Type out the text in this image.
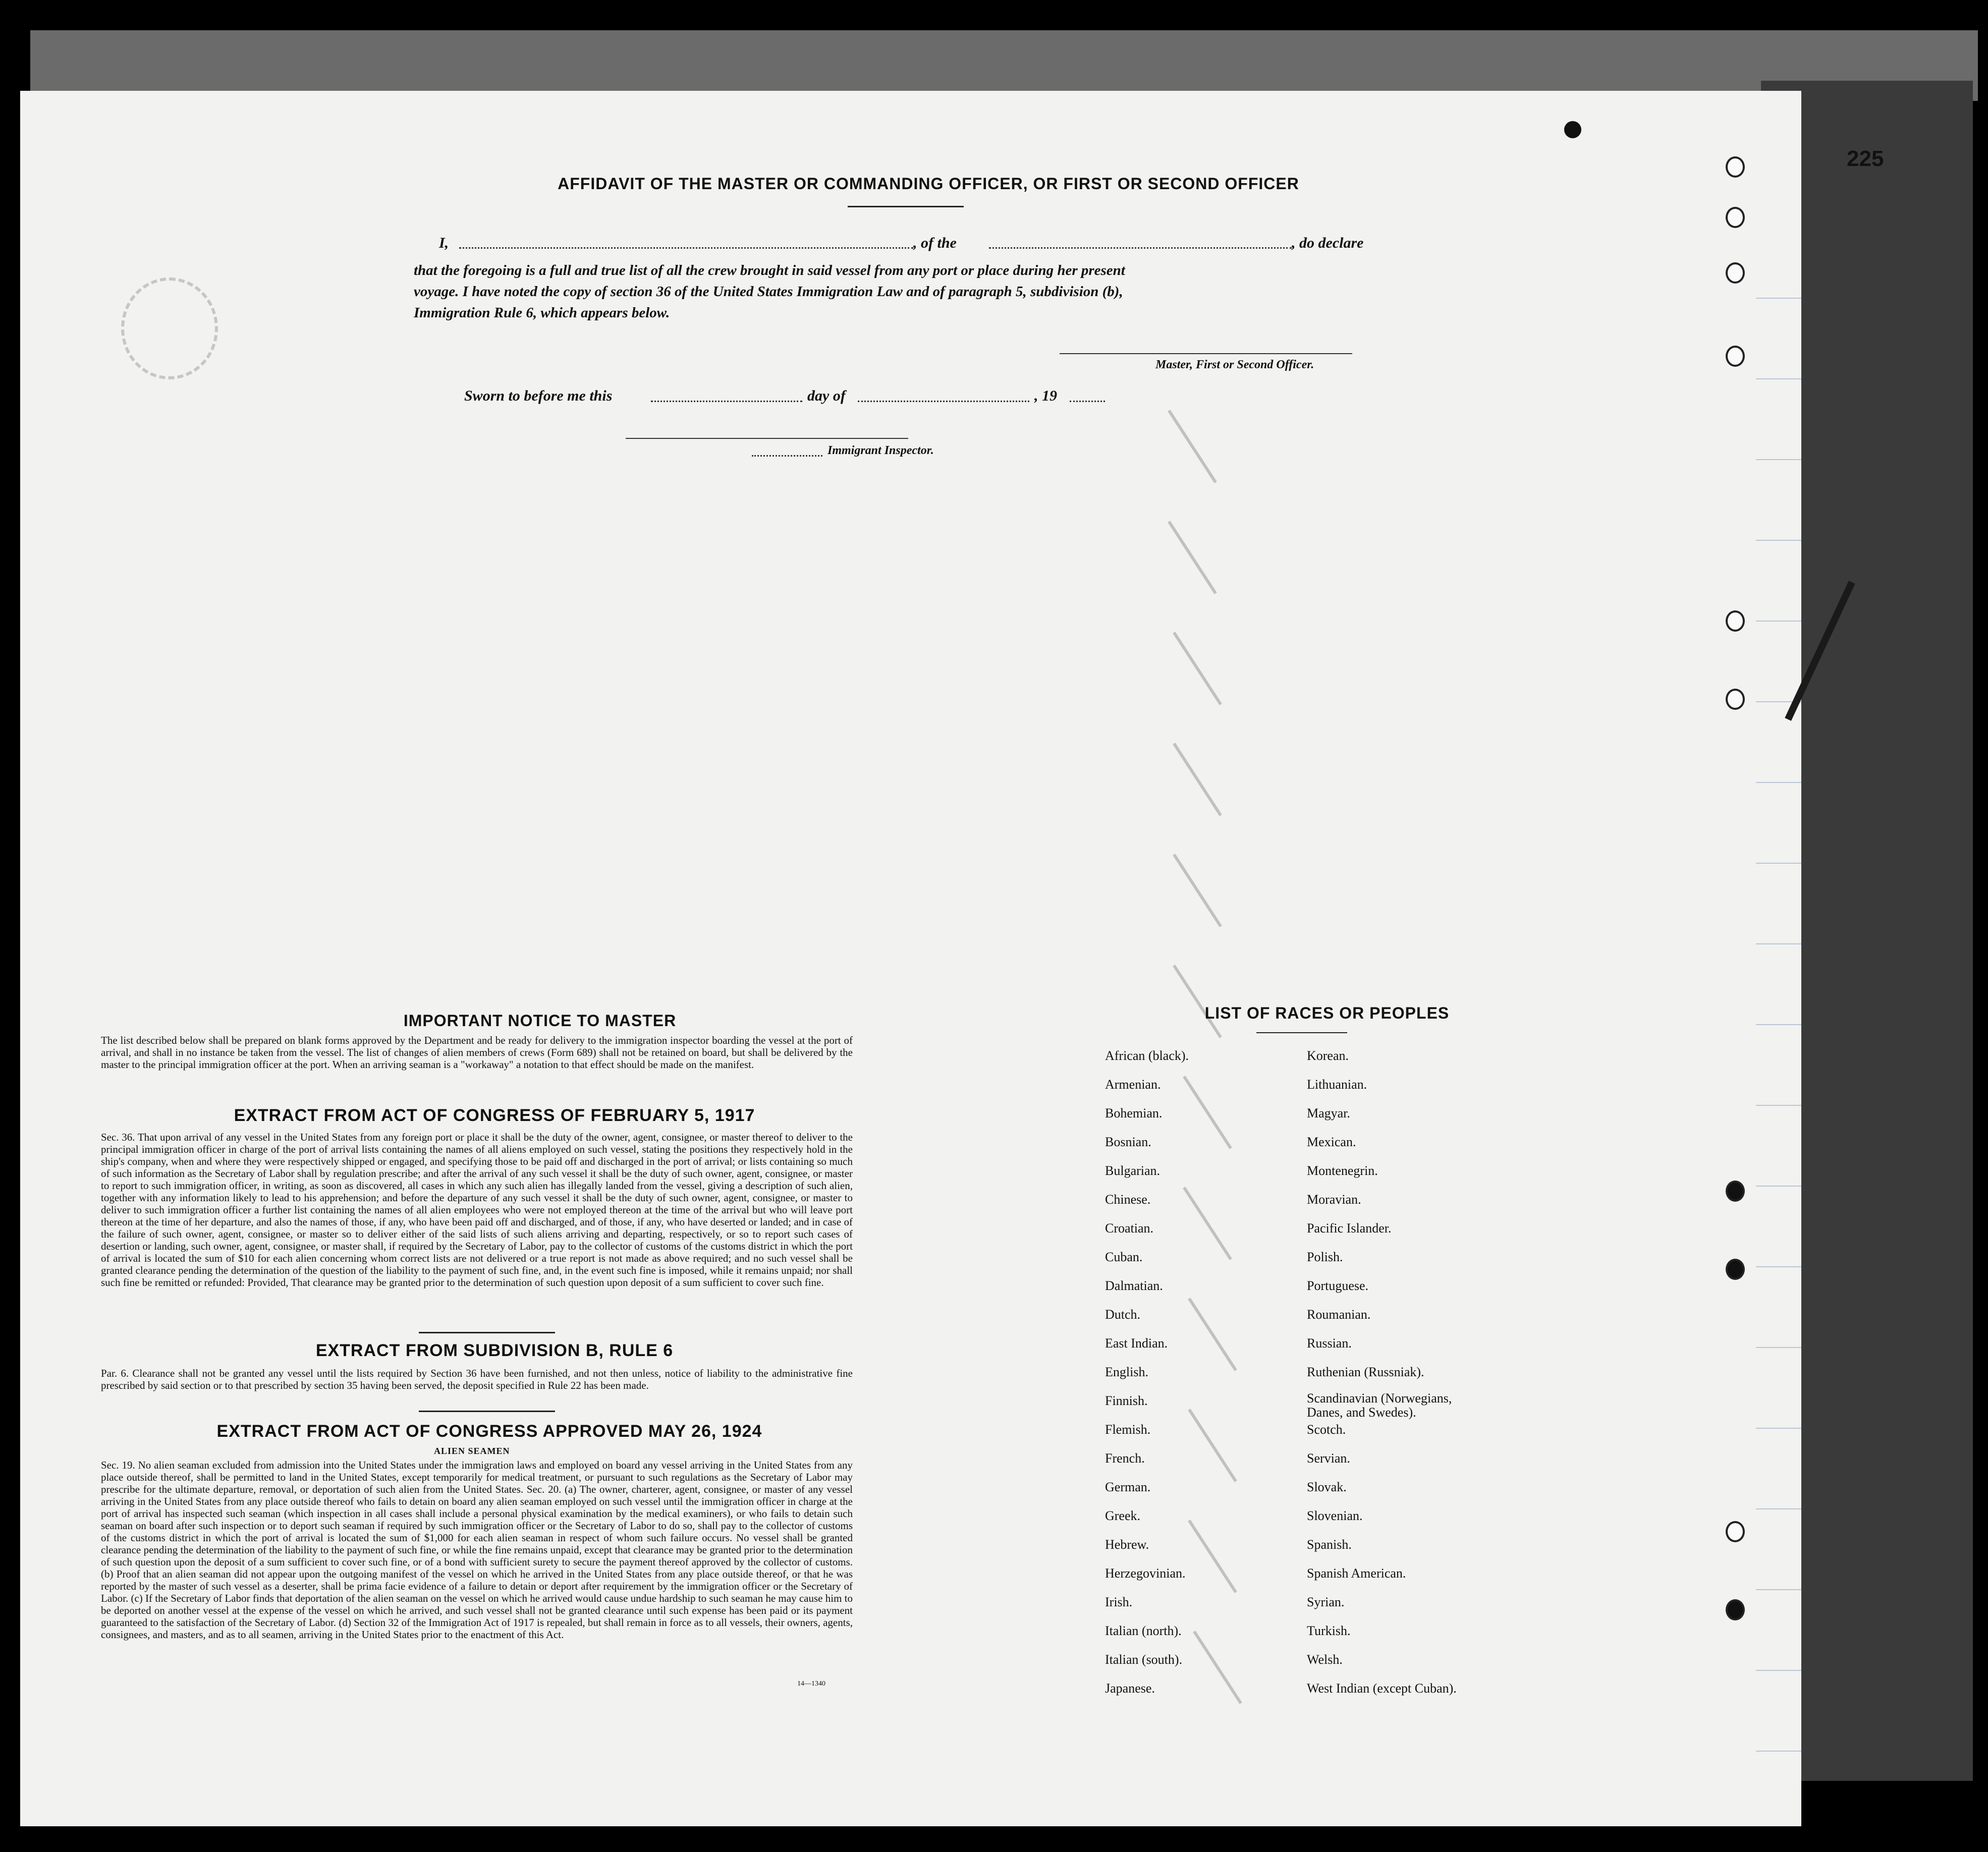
225
AFFIDAVIT OF THE MASTER OR COMMANDING OFFICER, OR FIRST OR SECOND OFFICER
I,	, of the	, do declare
that the foregoing is a full and true list of all the crew brought in said vessel from any port or place during her present
voyage. I have noted the copy of section 36 of the United States Immigration Law and of paragraph 5, subdivision (b),
Immigration Rule 6, which appears below.
Master, First or Second Officer.
Sworn to before me this	day of	, 19
Immigrant Inspector.
IMPORTANT NOTICE TO MASTER
The list described below shall be prepared on blank forms approved by the Department and be ready for delivery to the immigration inspector boarding the vessel at the port of arrival, and shall in no instance be taken from the vessel. The list of changes of alien members of crews (Form 689) shall not be retained on board, but shall be delivered by the master to the principal immigration officer at the port. When an arriving seaman is a "workaway" a notation to that effect should be made on the manifest.
EXTRACT FROM ACT OF CONGRESS OF FEBRUARY 5, 1917
Sec. 36. That upon arrival of any vessel in the United States from any foreign port or place it shall be the duty of the owner, agent, consignee, or master thereof to deliver to the principal immigration officer in charge of the port of arrival lists containing the names of all aliens employed on such vessel, stating the positions they respectively hold in the ship's company, when and where they were respectively shipped or engaged, and specifying those to be paid off and discharged in the port of arrival; or lists containing so much of such information as the Secretary of Labor shall by regulation prescribe; and after the arrival of any such vessel it shall be the duty of such owner, agent, consignee, or master to report to such immigration officer, in writing, as soon as discovered, all cases in which any such alien has illegally landed from the vessel, giving a description of such alien, together with any information likely to lead to his apprehension; and before the departure of any such vessel it shall be the duty of such owner, agent, consignee, or master to deliver to such immigration officer a further list containing the names of all alien employees who were not employed thereon at the time of the arrival but who will leave port thereon at the time of her departure, and also the names of those, if any, who have been paid off and discharged, and of those, if any, who have deserted or landed; and in case of the failure of such owner, agent, consignee, or master so to deliver either of the said lists of such aliens arriving and departing, respectively, or so to report such cases of desertion or landing, such owner, agent, consignee, or master shall, if required by the Secretary of Labor, pay to the collector of customs of the customs district in which the port of arrival is located the sum of $10 for each alien concerning whom correct lists are not delivered or a true report is not made as above required; and no such vessel shall be granted clearance pending the determination of the question of the liability to the payment of such fine, and, in the event such fine is imposed, while it remains unpaid; nor shall such fine be remitted or refunded: Provided, That clearance may be granted prior to the determination of such question upon deposit of a sum sufficient to cover such fine.
EXTRACT FROM SUBDIVISION B, RULE 6
Par. 6. Clearance shall not be granted any vessel until the lists required by Section 36 have been furnished, and not then unless, notice of liability to the administrative fine prescribed by said section or to that prescribed by section 35 having been served, the deposit specified in Rule 22 has been made.
EXTRACT FROM ACT OF CONGRESS APPROVED MAY 26, 1924
ALIEN SEAMEN
Sec. 19. No alien seaman excluded from admission into the United States under the immigration laws and employed on board any vessel arriving in the United States from any place outside thereof, shall be permitted to land in the United States, except temporarily for medical treatment, or pursuant to such regulations as the Secretary of Labor may prescribe for the ultimate departure, removal, or deportation of such alien from the United States. Sec. 20. (a) The owner, charterer, agent, consignee, or master of any vessel arriving in the United States from any place outside thereof who fails to detain on board any alien seaman employed on such vessel until the immigration officer in charge at the port of arrival has inspected such seaman (which inspection in all cases shall include a personal physical examination by the medical examiners), or who fails to detain such seaman on board after such inspection or to deport such seaman if required by such immigration officer or the Secretary of Labor to do so, shall pay to the collector of customs of the customs district in which the port of arrival is located the sum of $1,000 for each alien seaman in respect of whom such failure occurs. No vessel shall be granted clearance pending the determination of the liability to the payment of such fine, or while the fine remains unpaid, except that clearance may be granted prior to the determination of such question upon the deposit of a sum sufficient to cover such fine, or of a bond with sufficient surety to secure the payment thereof approved by the collector of customs. (b) Proof that an alien seaman did not appear upon the outgoing manifest of the vessel on which he arrived in the United States from any place outside thereof, or that he was reported by the master of such vessel as a deserter, shall be prima facie evidence of a failure to detain or deport after requirement by the immigration officer or the Secretary of Labor. (c) If the Secretary of Labor finds that deportation of the alien seaman on the vessel on which he arrived would cause undue hardship to such seaman he may cause him to be deported on another vessel at the expense of the vessel on which he arrived, and such vessel shall not be granted clearance until such expense has been paid or its payment guaranteed to the satisfaction of the Secretary of Labor. (d) Section 32 of the Immigration Act of 1917 is repealed, but shall remain in force as to all vessels, their owners, agents, consignees, and masters, and as to all seamen, arriving in the United States prior to the enactment of this Act.
14—1340
LIST OF RACES OR PEOPLES
African (black).
Armenian.
Bohemian.
Bosnian.
Bulgarian.
Chinese.
Croatian.
Cuban.
Dalmatian.
Dutch.
East Indian.
English.
Finnish.
Flemish.
French.
German.
Greek.
Hebrew.
Herzegovinian.
Irish.
Italian (north).
Italian (south).
Japanese.
Korean.
Lithuanian.
Magyar.
Mexican.
Montenegrin.
Moravian.
Pacific Islander.
Polish.
Portuguese.
Roumanian.
Russian.
Ruthenian (Russniak).
Scandinavian (Norwegians, Danes, and Swedes).
Scotch.
Servian.
Slovak.
Slovenian.
Spanish.
Spanish American.
Syrian.
Turkish.
Welsh.
West Indian (except Cuban).
